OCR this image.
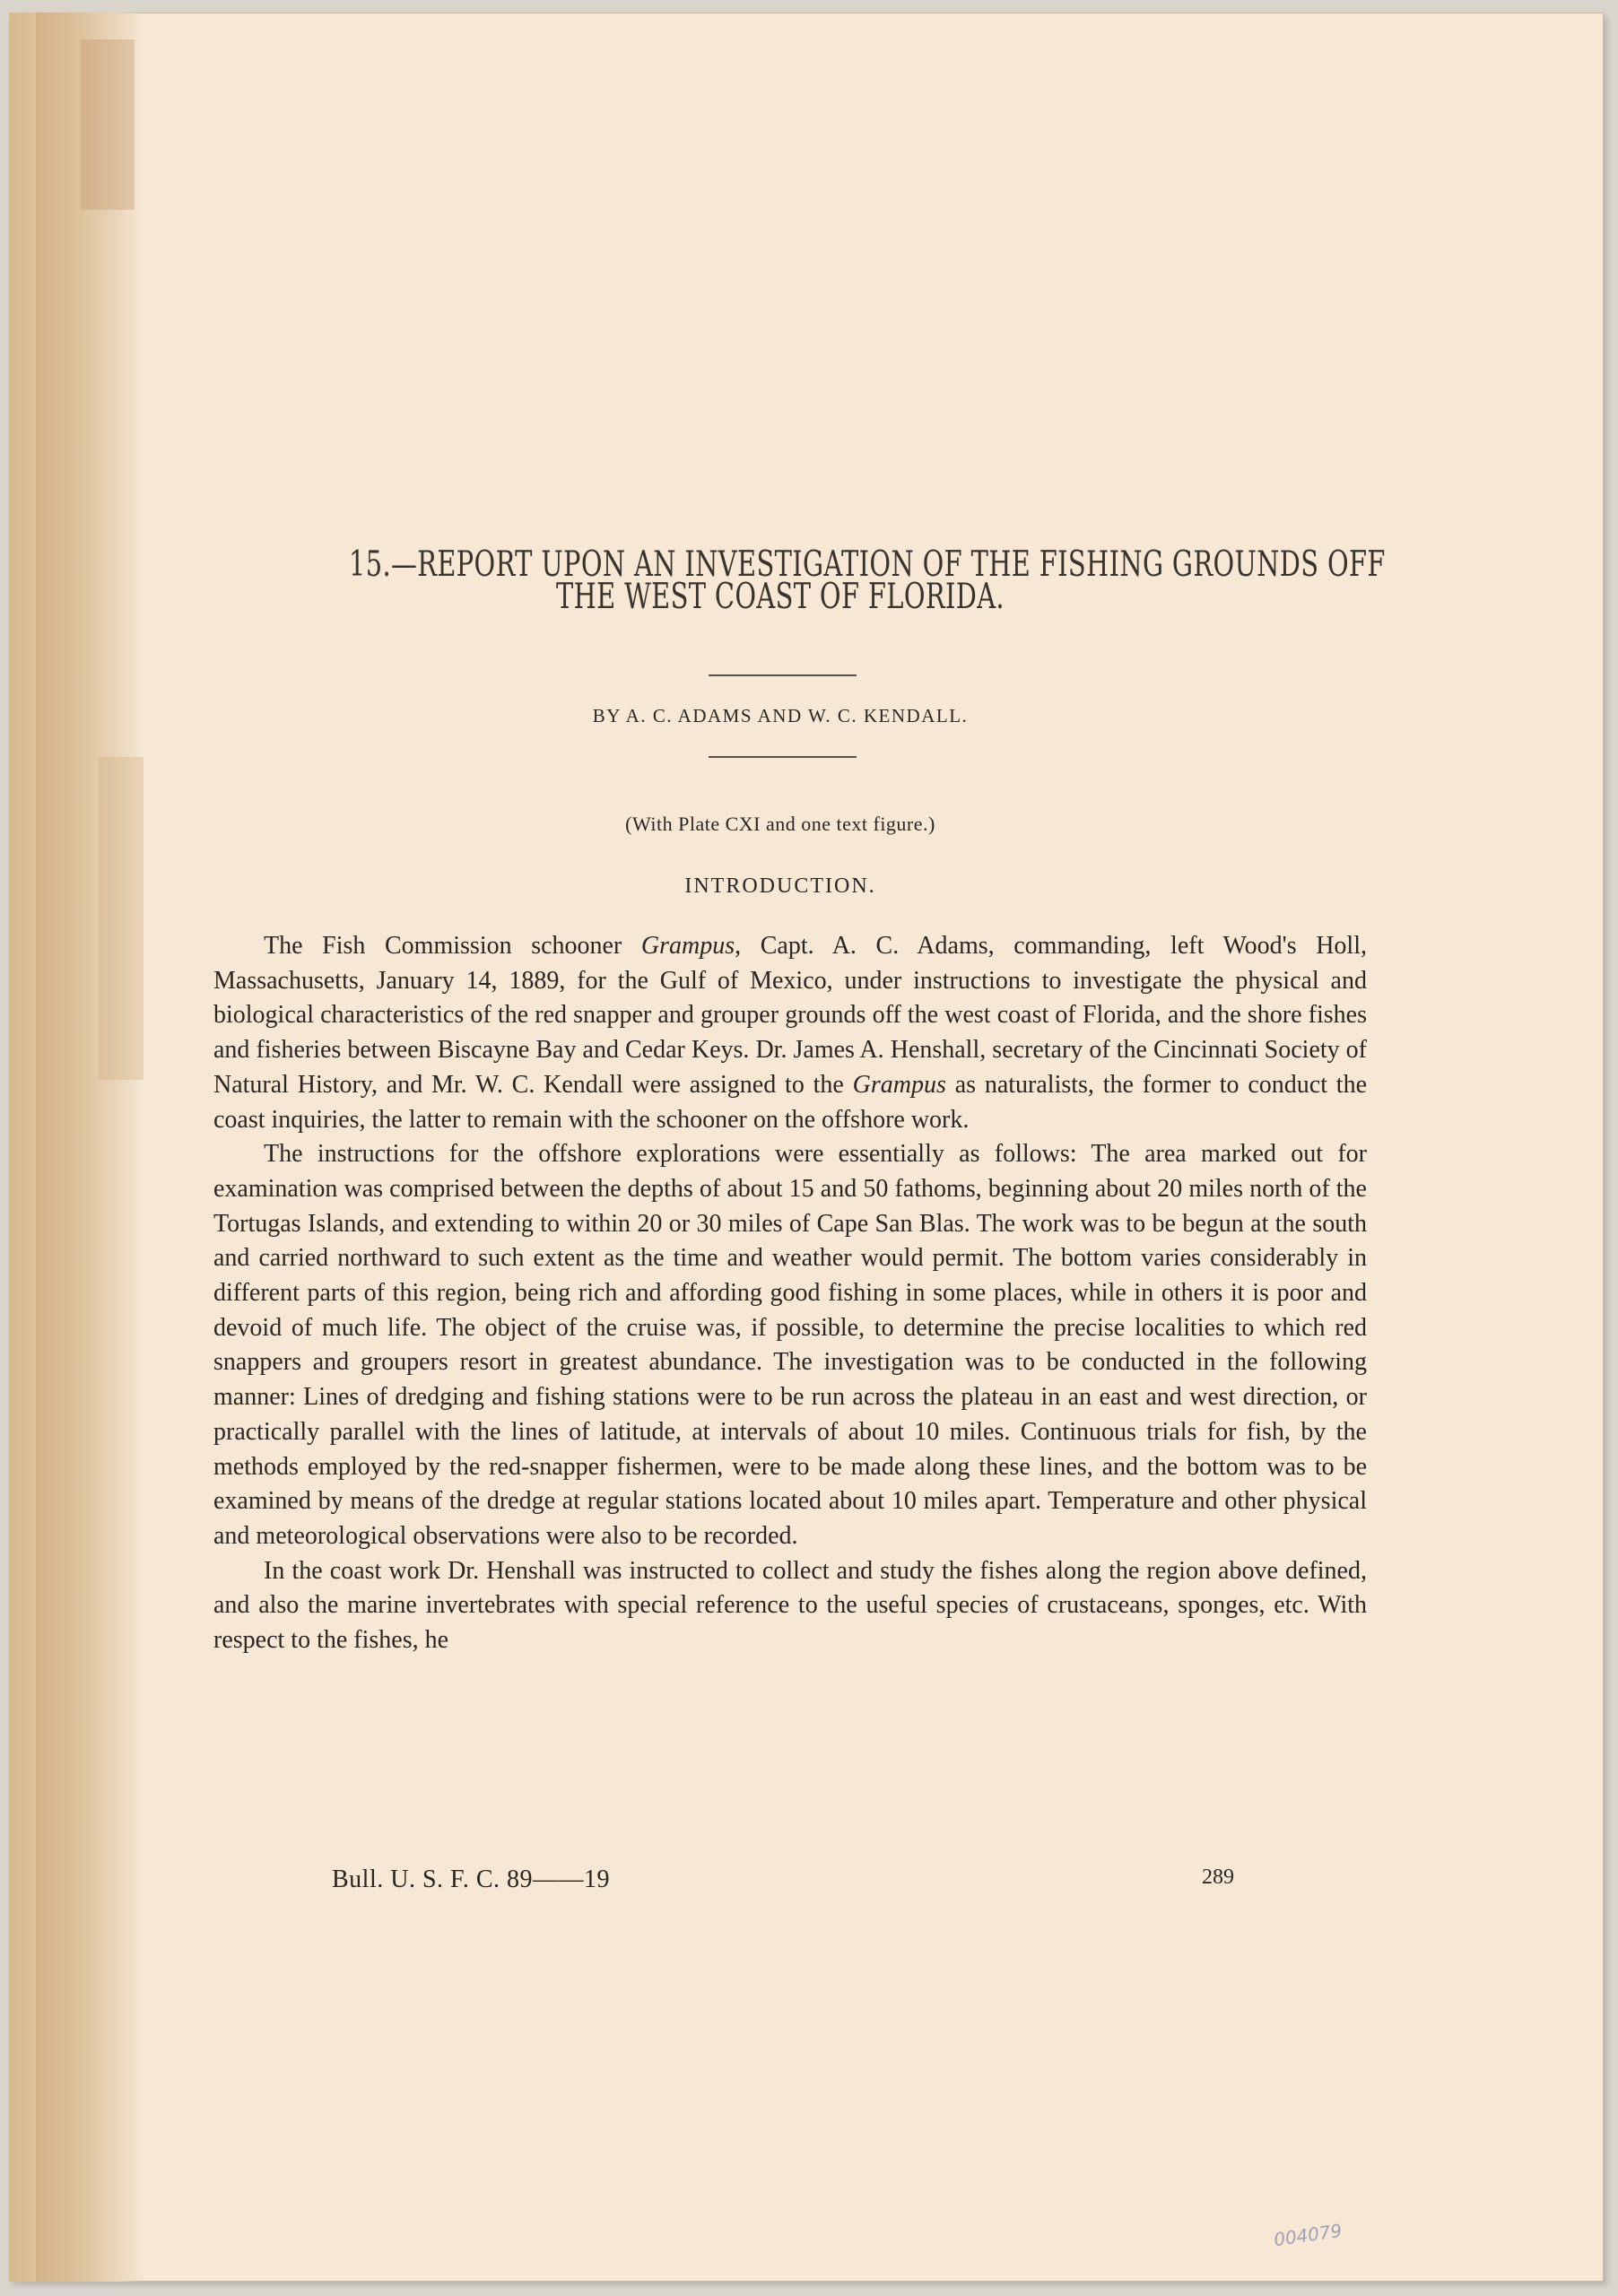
15.—REPORT UPON AN INVESTIGATION OF THE FISHING GROUNDS OFF
THE WEST COAST OF FLORIDA.
BY A. C. ADAMS AND W. C. KENDALL.
(With Plate CXI and one text figure.)
INTRODUCTION.

The Fish Commission schooner Grampus, Capt. A. C. Adams, commanding, left Wood's Holl, Massachusetts, January 14, 1889, for the Gulf of Mexico, under instructions to investigate the physical and biological characteristics of the red snapper and grouper grounds off the west coast of Florida, and the shore fishes and fisheries between Biscayne Bay and Cedar Keys. Dr. James A. Henshall, secretary of the Cincinnati Society of Natural History, and Mr. W. C. Kendall were assigned to the Grampus as naturalists, the former to conduct the coast inquiries, the latter to remain with the schooner on the offshore work.

The instructions for the offshore explorations were essentially as follows: The area marked out for examination was comprised between the depths of about 15 and 50 fathoms, beginning about 20 miles north of the Tortugas Islands, and extending to within 20 or 30 miles of Cape San Blas. The work was to be begun at the south and carried northward to such extent as the time and weather would permit. The bottom varies considerably in different parts of this region, being rich and affording good fishing in some places, while in others it is poor and devoid of much life. The object of the cruise was, if possible, to determine the precise localities to which red snappers and groupers resort in greatest abundance. The investigation was to be conducted in the following manner: Lines of dredging and fishing stations were to be run across the plateau in an east and west direction, or practically parallel with the lines of latitude, at intervals of about 10 miles. Continuous trials for fish, by the methods employed by the red-snapper fishermen, were to be made along these lines, and the bottom was to be examined by means of the dredge at regular stations located about 10 miles apart. Temperature and other physical and meteorological observations were also to be recorded.

In the coast work Dr. Henshall was instructed to collect and study the fishes along the region above defined, and also the marine invertebrates with special reference to the useful species of crustaceans, sponges, etc. With respect to the fishes, he

Bull. U. S. F. C. 89——19	289
004079
